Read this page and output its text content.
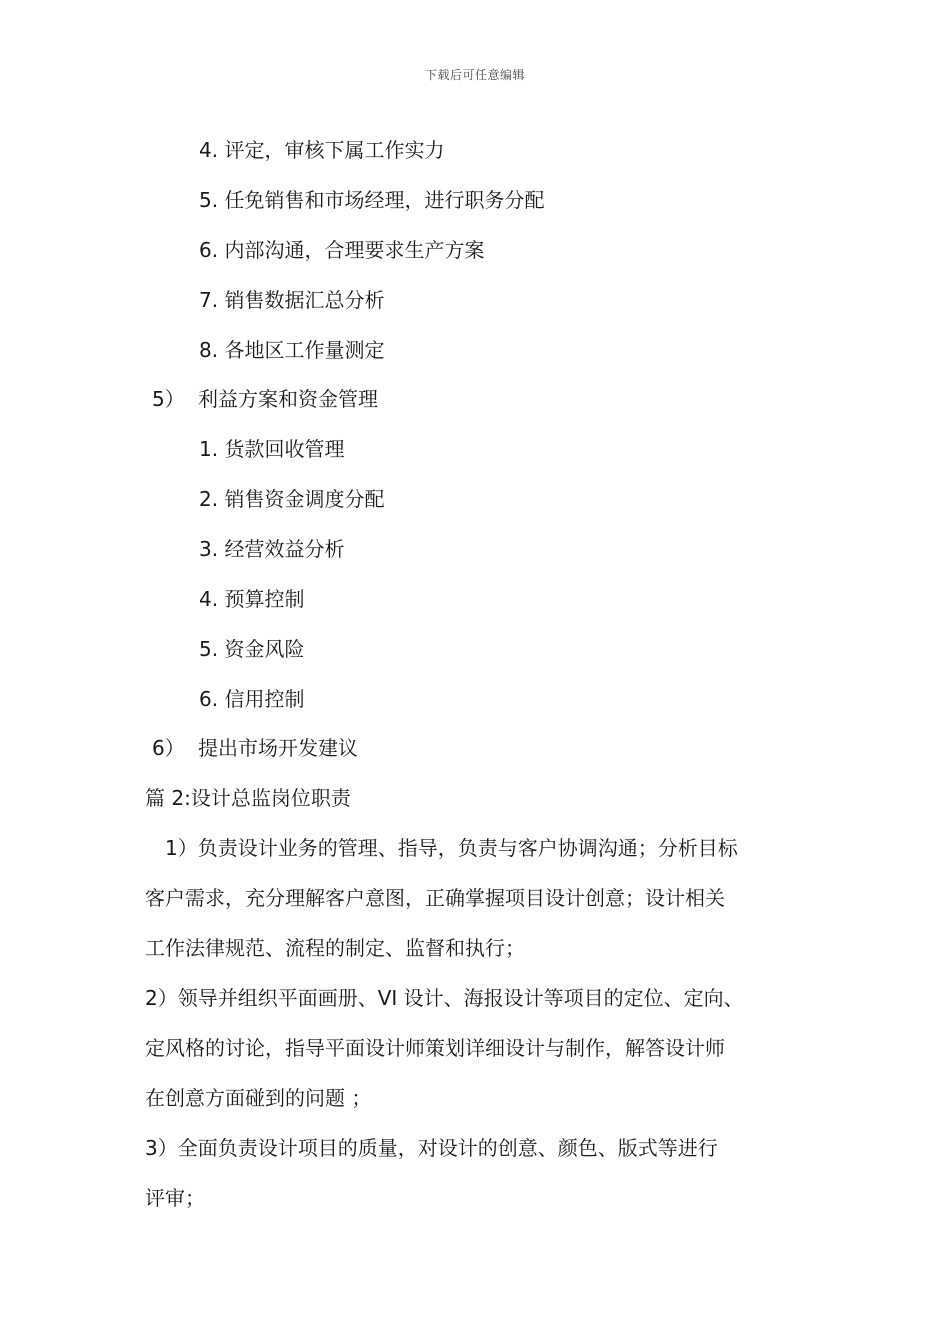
下载后可任意编辑
4. 评定，审核下属工作实力
5. 任免销售和市场经理，进行职务分配
6. 内部沟通，合理要求生产方案
7. 销售数据汇总分析
8. 各地区工作量测定
5） 利益方案和资金管理
1. 货款回收管理
2. 销售资金调度分配
3. 经营效益分析
4. 预算控制
5. 资金风险
6. 信用控制
6） 提出市场开发建议
篇 2:设计总监岗位职责
　1）负责设计业务的管理、指导，负责与客户协调沟通；分析目标
客户需求，充分理解客户意图，正确掌握项目设计创意；设计相关
工作法律规范、流程的制定、监督和执行；
2）领导并组织平面画册、VI 设计、海报设计等项目的定位、定向、
定风格的讨论，指导平面设计师策划详细设计与制作，解答设计师
在创意方面碰到的问题 ；
3）全面负责设计项目的质量，对设计的创意、颜色、版式等进行
评审；
